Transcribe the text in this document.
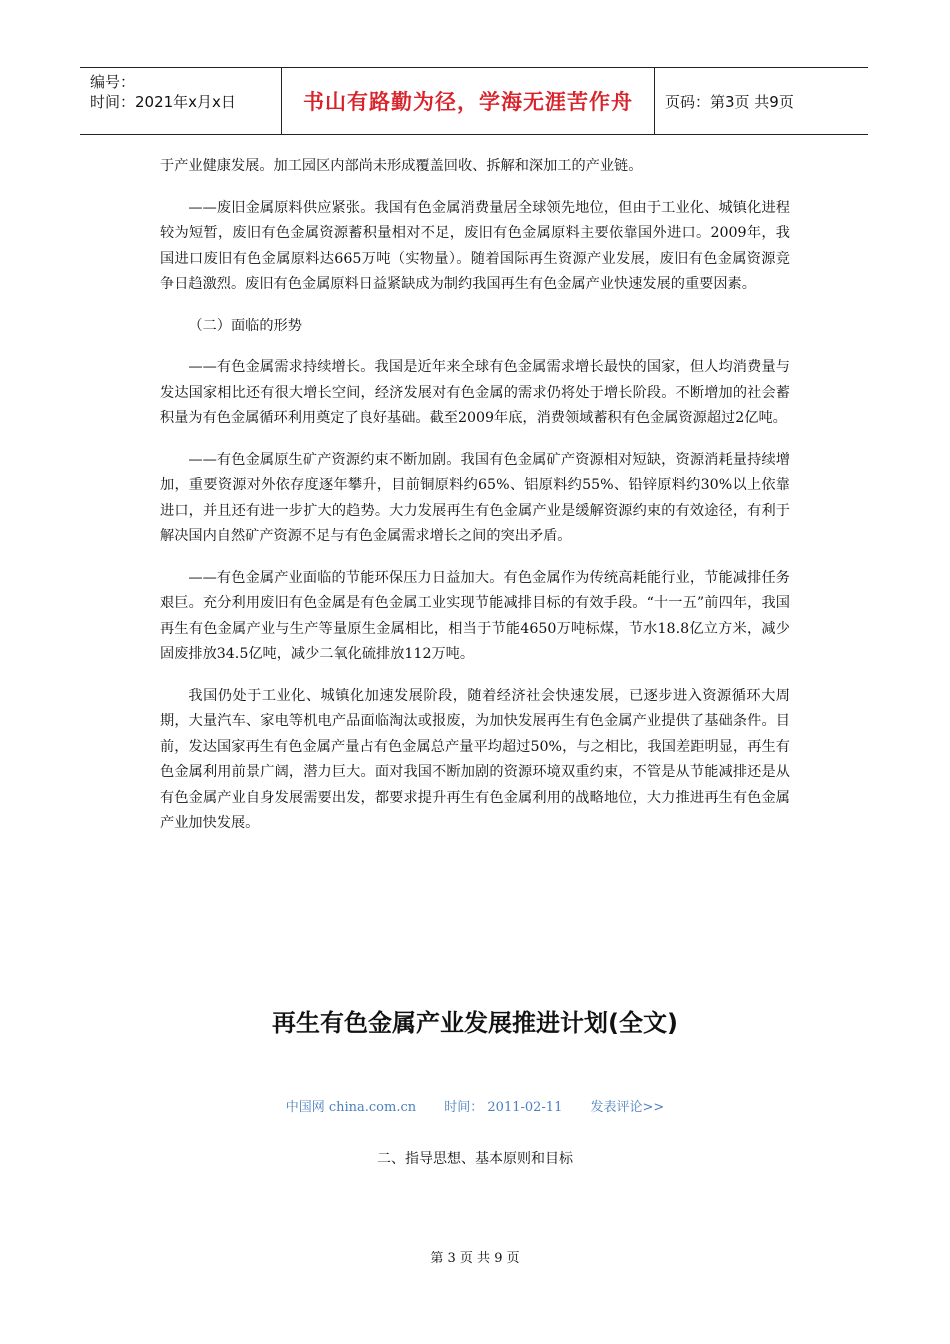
编号：
时间：2021年x月x日	书山有路勤为径，学海无涯苦作舟	页码：第3页 共9页

于产业健康发展。加工园区内部尚未形成覆盖回收、拆解和深加工的产业链。

——废旧金属原料供应紧张。我国有色金属消费量居全球领先地位，但由于工业化、城镇化进程较为短暂，废旧有色金属资源蓄积量相对不足，废旧有色金属原料主要依靠国外进口。2009年，我国进口废旧有色金属原料达665万吨（实物量）。随着国际再生资源产业发展，废旧有色金属资源竞争日趋激烈。废旧有色金属原料日益紧缺成为制约我国再生有色金属产业快速发展的重要因素。

（二）面临的形势

——有色金属需求持续增长。我国是近年来全球有色金属需求增长最快的国家，但人均消费量与发达国家相比还有很大增长空间，经济发展对有色金属的需求仍将处于增长阶段。不断增加的社会蓄积量为有色金属循环利用奠定了良好基础。截至2009年底，消费领域蓄积有色金属资源超过2亿吨。

——有色金属原生矿产资源约束不断加剧。我国有色金属矿产资源相对短缺，资源消耗量持续增加，重要资源对外依存度逐年攀升，目前铜原料约65%、铝原料约55%、铅锌原料约30%以上依靠进口，并且还有进一步扩大的趋势。大力发展再生有色金属产业是缓解资源约束的有效途径，有利于解决国内自然矿产资源不足与有色金属需求增长之间的突出矛盾。

——有色金属产业面临的节能环保压力日益加大。有色金属作为传统高耗能行业，节能减排任务艰巨。充分利用废旧有色金属是有色金属工业实现节能减排目标的有效手段。“十一五”前四年，我国再生有色金属产业与生产等量原生金属相比，相当于节能4650万吨标煤，节水18.8亿立方米，减少固废排放34.5亿吨，减少二氧化硫排放112万吨。

我国仍处于工业化、城镇化加速发展阶段，随着经济社会快速发展，已逐步进入资源循环大周期，大量汽车、家电等机电产品面临淘汰或报废，为加快发展再生有色金属产业提供了基础条件。目前，发达国家再生有色金属产量占有色金属总产量平均超过50%，与之相比，我国差距明显，再生有色金属利用前景广阔，潜力巨大。面对我国不断加剧的资源环境双重约束，不管是从节能减排还是从有色金属产业自身发展需要出发，都要求提升再生有色金属利用的战略地位，大力推进再生有色金属产业加快发展。

再生有色金属产业发展推进计划(全文)
中国网 china.com.cn 时间： 2011-02-11 发表评论>>
二、指导思想、基本原则和目标
第 3 页 共 9 页
